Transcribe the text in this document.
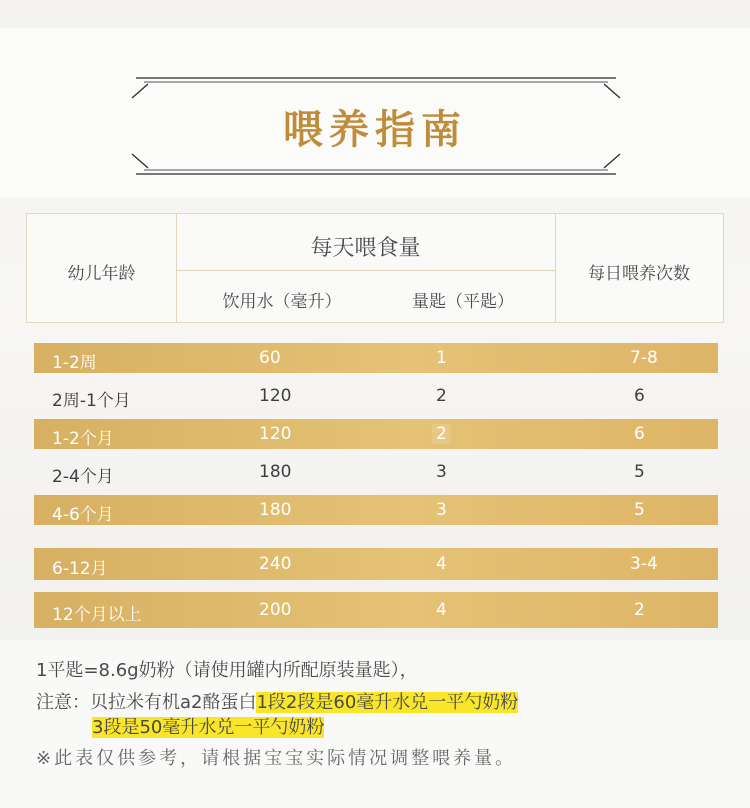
喂养指南
幼儿年龄
每天喂食量
饮用水（毫升）	量匙（平匙）
每日喂养次数
1-2周	60	1	7-8
2周-1个月	120	2	6
1-2个月	120	2	6
2-4个月	180	3	5
4-6个月	180	3	5
6-12月	240	4	3-4
12个月以上	200	4	2
1平匙=8.6g奶粉（请使用罐内所配原装量匙），
注意：贝拉米有机a2酪蛋白1段2段是60毫升水兑一平勺奶粉
3段是50毫升水兑一平勺奶粉
※此表仅供参考，请根据宝宝实际情况调整喂养量。
